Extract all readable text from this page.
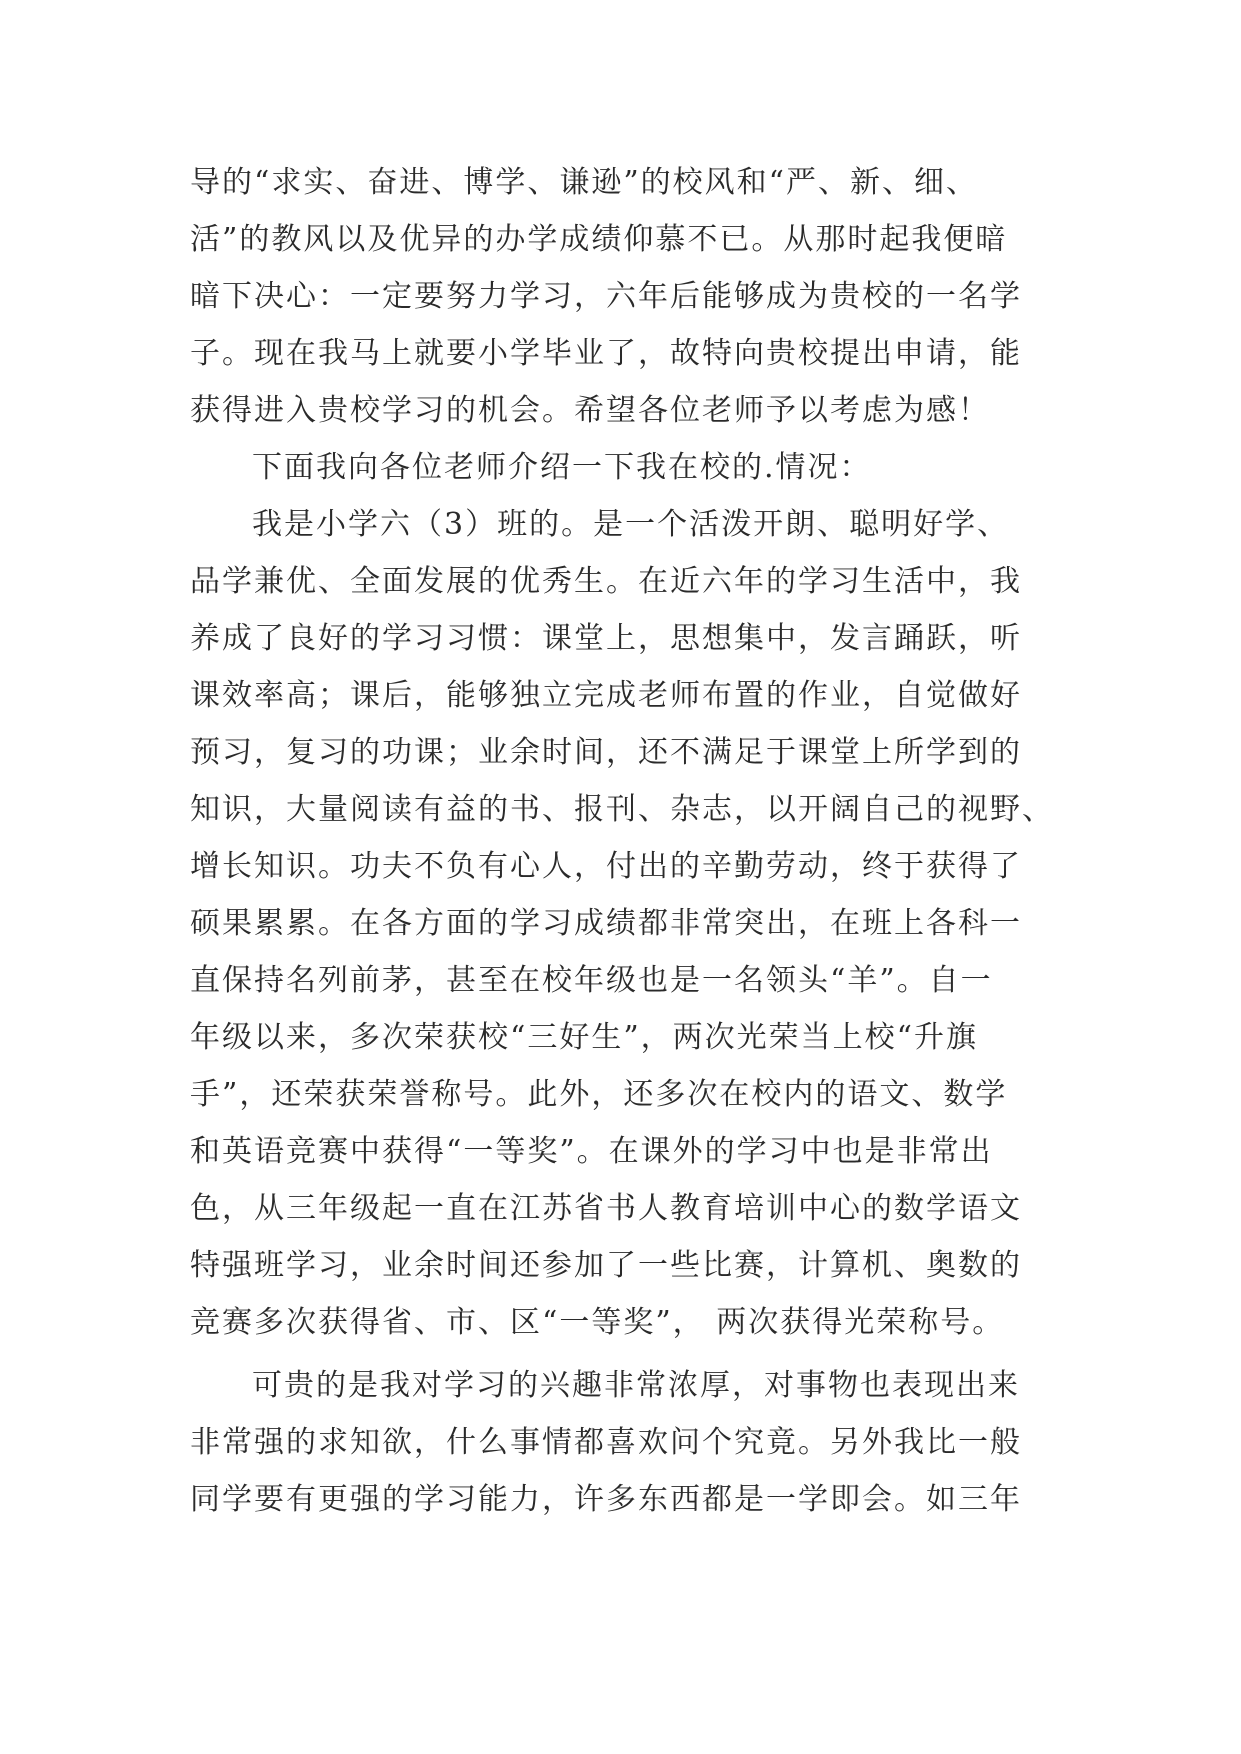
导的“求实、奋进、博学、谦逊”的校风和“严、新、细、
活”的教风以及优异的办学成绩仰慕不已。从那时起我便暗
暗下决心：一定要努力学习，六年后能够成为贵校的一名学
子。现在我马上就要小学毕业了，故特向贵校提出申请，能
获得进入贵校学习的机会。希望各位老师予以考虑为感！
下面我向各位老师介绍一下我在校的.情况：
我是小学六（3）班的。是一个活泼开朗、聪明好学、
品学兼优、全面发展的优秀生。在近六年的学习生活中，我
养成了良好的学习习惯：课堂上，思想集中，发言踊跃，听
课效率高；课后，能够独立完成老师布置的作业，自觉做好
预习，复习的功课；业余时间，还不满足于课堂上所学到的
知识，大量阅读有益的书、报刊、杂志，以开阔自己的视野、
增长知识。功夫不负有心人，付出的辛勤劳动，终于获得了
硕果累累。在各方面的学习成绩都非常突出，在班上各科一
直保持名列前茅，甚至在校年级也是一名领头“羊”。自一
年级以来，多次荣获校“三好生”，两次光荣当上校“升旗
手”，还荣获荣誉称号。此外，还多次在校内的语文、数学
和英语竞赛中获得“一等奖”。在课外的学习中也是非常出
色，从三年级起一直在江苏省书人教育培训中心的数学语文
特强班学习，业余时间还参加了一些比赛，计算机、奥数的
竞赛多次获得省、市、区“一等奖”， 两次获得光荣称号。
可贵的是我对学习的兴趣非常浓厚，对事物也表现出来
非常强的求知欲，什么事情都喜欢问个究竟。另外我比一般
同学要有更强的学习能力，许多东西都是一学即会。如三年
